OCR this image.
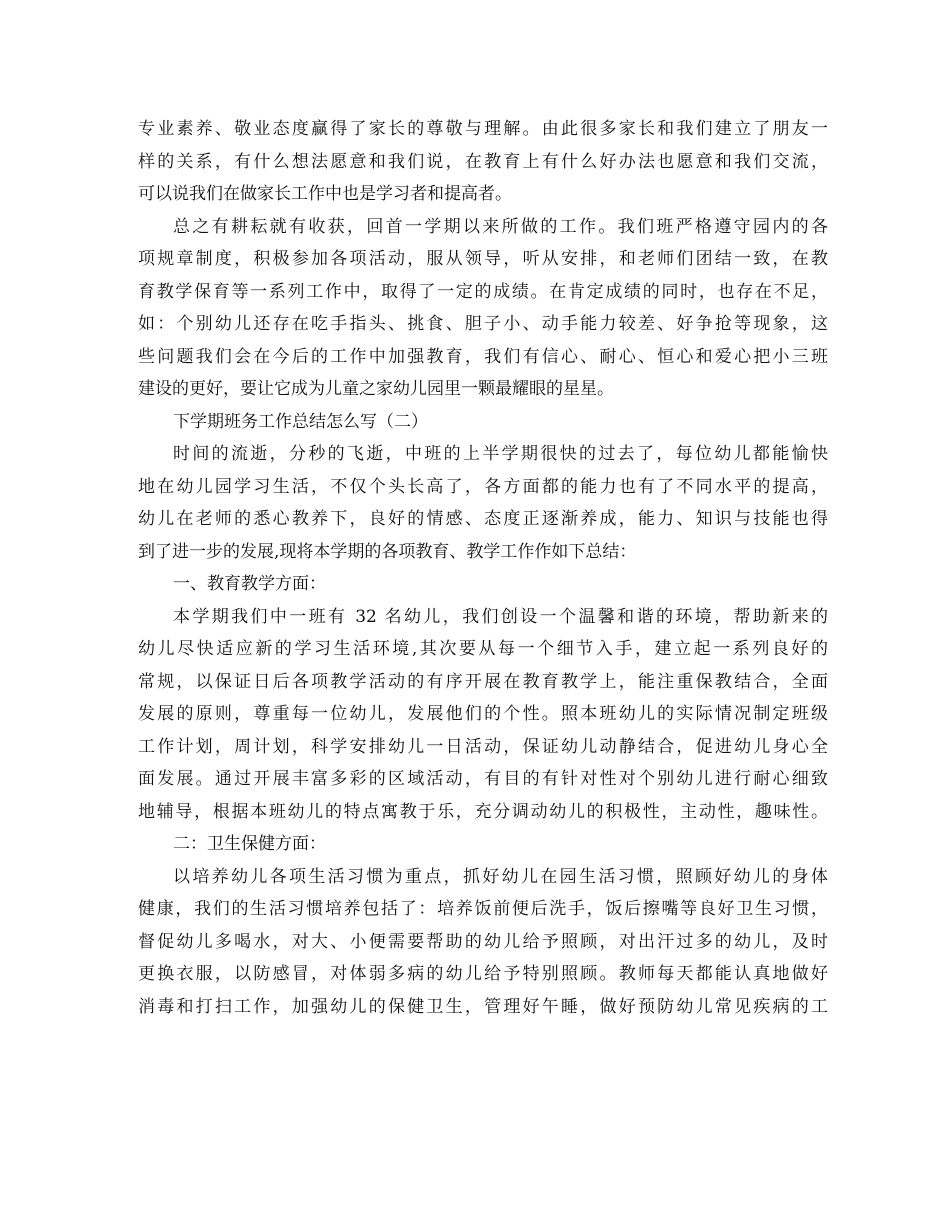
专业素养、敬业态度赢得了家长的尊敬与理解。由此很多家长和我们建立了朋友一
样的关系，有什么想法愿意和我们说，在教育上有什么好办法也愿意和我们交流，
可以说我们在做家长工作中也是学习者和提高者。
总之有耕耘就有收获，回首一学期以来所做的工作。我们班严格遵守园内的各
项规章制度，积极参加各项活动，服从领导，听从安排，和老师们团结一致，在教
育教学保育等一系列工作中，取得了一定的成绩。在肯定成绩的同时，也存在不足，
如：个别幼儿还存在吃手指头、挑食、胆子小、动手能力较差、好争抢等现象，这
些问题我们会在今后的工作中加强教育，我们有信心、耐心、恒心和爱心把小三班
建设的更好，要让它成为儿童之家幼儿园里一颗最耀眼的星星。
下学期班务工作总结怎么写（二）
时间的流逝，分秒的飞逝，中班的上半学期很快的过去了，每位幼儿都能愉快
地在幼儿园学习生活，不仅个头长高了，各方面都的能力也有了不同水平的提高，
幼儿在老师的悉心教养下，良好的情感、态度正逐渐养成，能力、知识与技能也得
到了进一步的发展,现将本学期的各项教育、教学工作作如下总结：
一、教育教学方面：
本学期我们中一班有 32 名幼儿，我们创设一个温馨和谐的环境，帮助新来的
幼儿尽快适应新的学习生活环境,其次要从每一个细节入手，建立起一系列良好的
常规，以保证日后各项教学活动的有序开展在教育教学上，能注重保教结合，全面
发展的原则，尊重每一位幼儿，发展他们的个性。照本班幼儿的实际情况制定班级
工作计划，周计划，科学安排幼儿一日活动，保证幼儿动静结合，促进幼儿身心全
面发展。通过开展丰富多彩的区域活动，有目的有针对性对个别幼儿进行耐心细致
地辅导，根据本班幼儿的特点寓教于乐，充分调动幼儿的积极性，主动性，趣味性。
二：卫生保健方面：
以培养幼儿各项生活习惯为重点，抓好幼儿在园生活习惯，照顾好幼儿的身体
健康，我们的生活习惯培养包括了：培养饭前便后洗手，饭后擦嘴等良好卫生习惯，
督促幼儿多喝水，对大、小便需要帮助的幼儿给予照顾，对出汗过多的幼儿，及时
更换衣服，以防感冒，对体弱多病的幼儿给予特别照顾。教师每天都能认真地做好
消毒和打扫工作，加强幼儿的保健卫生，管理好午睡，做好预防幼儿常见疾病的工
